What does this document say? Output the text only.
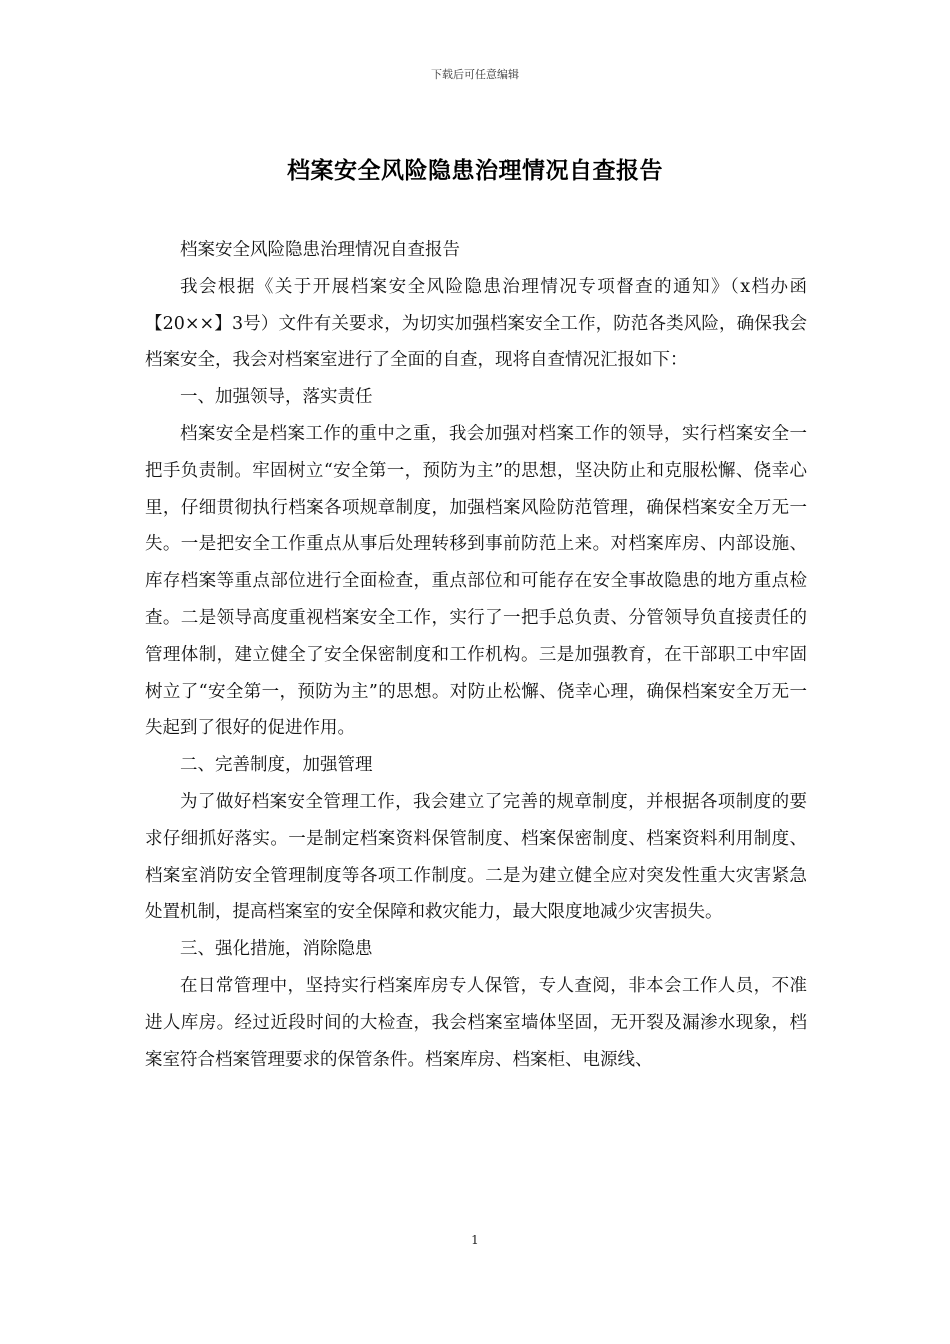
下载后可任意编辑
档案安全风险隐患治理情况自查报告

档案安全风险隐患治理情况自查报告

我会根据《关于开展档案安全风险隐患治理情况专项督查的通知》（x档办函【20××】3号）文件有关要求，为切实加强档案安全工作，防范各类风险，确保我会档案安全，我会对档案室进行了全面的自查，现将自查情况汇报如下：

一、加强领导，落实责任

档案安全是档案工作的重中之重，我会加强对档案工作的领导，实行档案安全一把手负责制。牢固树立“安全第一，预防为主”的思想，坚决防止和克服松懈、侥幸心里，仔细贯彻执行档案各项规章制度，加强档案风险防范管理，确保档案安全万无一失。一是把安全工作重点从事后处理转移到事前防范上来。对档案库房、内部设施、库存档案等重点部位进行全面检查，重点部位和可能存在安全事故隐患的地方重点检查。二是领导高度重视档案安全工作，实行了一把手总负责、分管领导负直接责任的管理体制，建立健全了安全保密制度和工作机构。三是加强教育，在干部职工中牢固树立了“安全第一，预防为主”的思想。对防止松懈、侥幸心理，确保档案安全万无一失起到了很好的促进作用。

二、完善制度，加强管理

为了做好档案安全管理工作，我会建立了完善的规章制度，并根据各项制度的要求仔细抓好落实。一是制定档案资料保管制度、档案保密制度、档案资料利用制度、档案室消防安全管理制度等各项工作制度。二是为建立健全应对突发性重大灾害紧急处置机制，提高档案室的安全保障和救灾能力，最大限度地减少灾害损失。

三、强化措施，消除隐患

在日常管理中，坚持实行档案库房专人保管，专人查阅，非本会工作人员，不准进人库房。经过近段时间的大检查，我会档案室墙体坚固，无开裂及漏渗水现象，档案室符合档案管理要求的保管条件。档案库房、档案柜、电源线、

1
